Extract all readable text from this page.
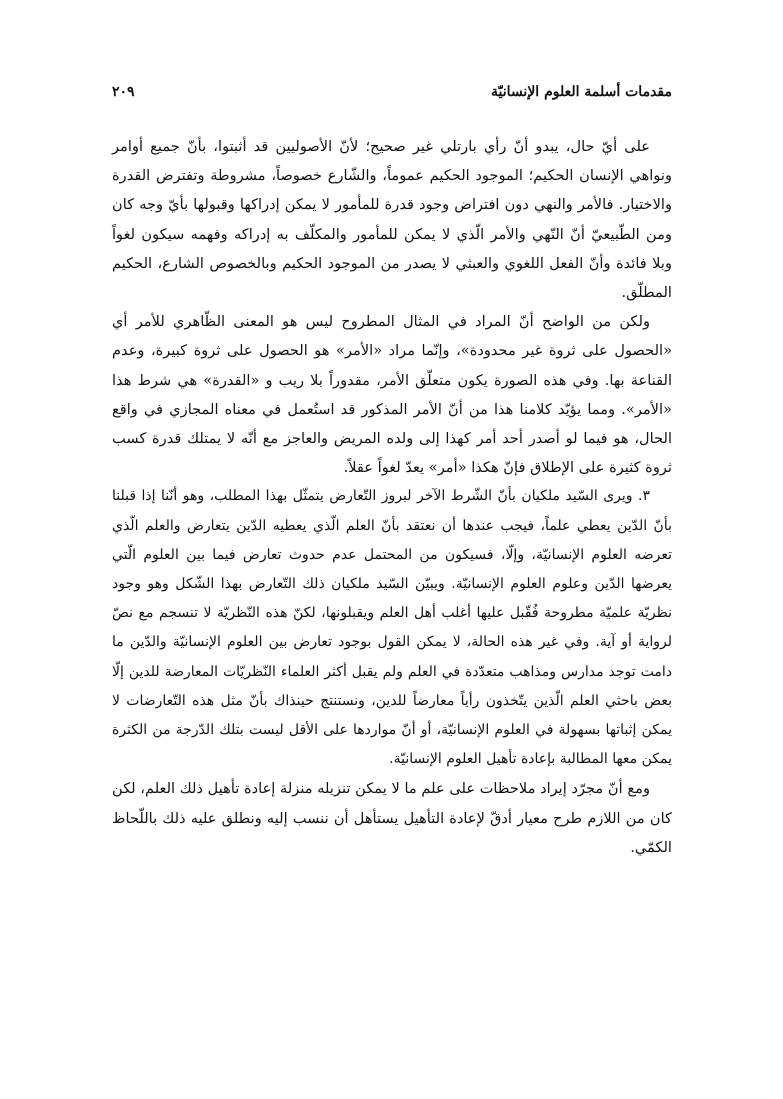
مقدمات أسلمة العلوم الإنسانيّة
٢٠٩

على أيّ حال، يبدو أنّ رأي بارتلي غير صحيح؛ لأنّ الأصوليين قد أثبتوا، بأنّ جميع أوامر ونواهي الإنسان الحكيم؛ الموجود الحكيم عموماً، والشّارع خصوصاً، مشروطة وتفترض القدرة والاختيار. فالأمر والنهي دون افتراض وجود قدرة للمأمور لا يمكن إدراكها وقبولها بأيّ وجه كان ومن الطّبيعيّ أنّ النّهي والأمر الّذي لا يمكن للمأمور والمكلّف به إدراكه وفهمه سيكون لغواً وبلا فائدة وأنّ الفعل اللغوي والعبثي لا يصدر من الموجود الحكيم وبالخصوص الشارع، الحكيم المطلّق.

ولكن من الواضح أنّ المراد في المثال المطروح ليس هو المعنى الظّاهري للأمر أي «الحصول على ثروة غير محدودة»، وإنّما مراد «الأمر» هو الحصول على ثروة كبيرة، وعدم القناعة بها. وفي هذه الصورة يكون متعلّق الأمر، مقدوراً بلا ريب و «القدرة» هي شرط هذا «الأمر». ومما يؤيّد كلامنا هذا من أنّ الأمر المذكور قد استُعمل في معناه المجازي في واقع الحال، هو فيما لو أصدر أحد أمر كهذا إلى ولده المريض والعاجز مع أنّه لا يمتلك قدرة كسب ثروة كثيرة على الإطلاق فإنّ هكذا «أمر» يعدّ لغواً عقلاً.

٣. ويرى السّيد ملكيان بأنّ الشّرط الآخر لبروز التّعارض يتمثّل بهذا المطلب، وهو أنّنا إذا قبلنا بأنّ الدّين يعطي علماً، فيجب عندها أن نعتقد بأنّ العلم الّذي يعطيه الدّين يتعارض والعلم الّذي تعرضه العلوم الإنسانيّة، وإلّا، فسيكون من المحتمل عدم حدوث تعارض فيما بين العلوم الّتي يعرضها الدّين وعلوم العلوم الإنسانيّة. ويبيّن السّيد ملكيان ذلك التّعارض بهذا الشّكل وهو وجود نظريّة علميّة مطروحة فُقّبل عليها أغلب أهل العلم ويقبلونها، لكنّ هذه النّظريّة لا تنسجم مع نصّ لرواية أو آية. وفي غير هذه الحالة، لا يمكن القول بوجود تعارض بين العلوم الإنسانيّة والدّين ما دامت توجد مدارس ومذاهب متعدّدة في العلم ولم يقبل أكثر العلماء النّظريّات المعارضة للدين إلّا بعض باحثي العلم الّذين يتّخذون رأياً معارضاً للدين، ونستنتج حينذاك بأنّ مثل هذه التّعارضات لا يمكن إثباتها بسهولة في العلوم الإنسانيّة، أو أنّ مواردها على الأقل ليست بتلك الدّرجة من الكثرة يمكن معها المطالبة بإعادة تأهيل العلوم الإنسانيّة.

ومع أنّ مجرّد إيراد ملاحظات على علم ما لا يمكن تنزيله منزلة إعادة تأهيل ذلك العلم، لكن كان من اللازم طرح معيار أدقّ لإعادة التأهيل يستأهل أن ننسب إليه ونطلق عليه ذلك باللّحاظ الكمّي.
